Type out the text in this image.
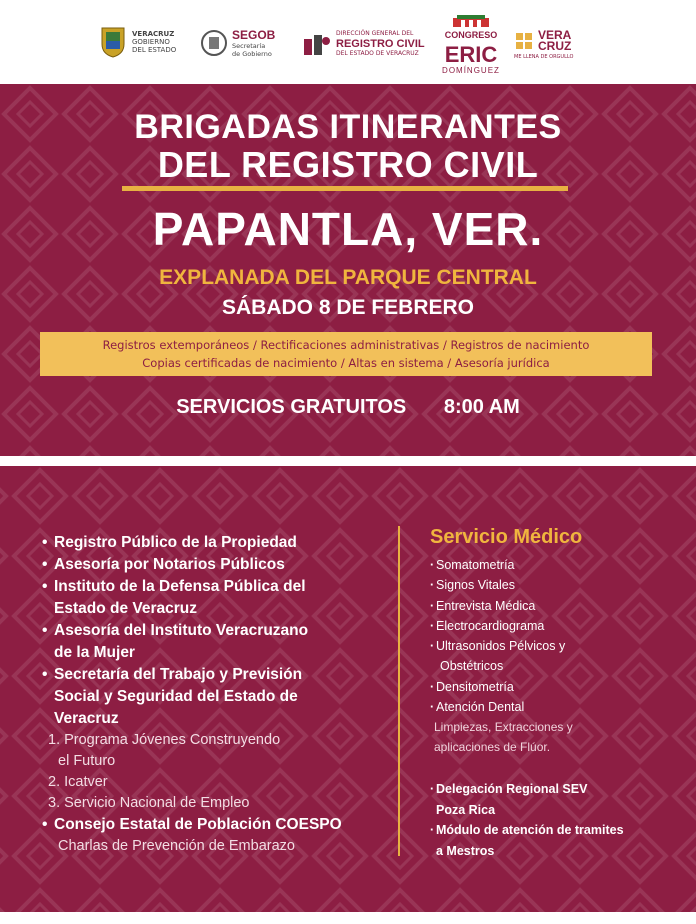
VERACRUZ
GOBIERNO
DEL ESTADO
SEGOB
Secretaría
de Gobierno
DIRECCIÓN GENERAL DEL
REGISTRO CIVIL
DEL ESTADO DE VERACRUZ
CONGRESO
ERIC
DOMÍNGUEZ
VERA
CRUZ
ME LLENA DE ORGULLO
BRIGADAS ITINERANTES
DEL REGISTRO CIVIL
PAPANTLA, VER.
EXPLANADA DEL PARQUE CENTRAL
SÁBADO 8 DE FEBRERO
Registros extemporáneos / Rectificaciones administrativas / Registros de nacimiento
Copias certificadas de nacimiento / Altas en sistema / Asesoría jurídica
SERVICIOS GRATUITOS 8:00 AM
• Registro Público de la Propiedad
• Asesoría por Notarios Públicos
• Instituto de la Defensa Pública del
Estado de Veracruz
• Asesoría del Instituto Veracruzano
de la Mujer
• Secretaría del Trabajo y Previsión
Social y Seguridad del Estado de
Veracruz
1. Programa Jóvenes Construyendo
el Futuro
2. Icatver
3. Servicio Nacional de Empleo
• Consejo Estatal de Población COESPO
Charlas de Prevención de Embarazo
Servicio Médico
· Somatometría
· Signos Vitales
· Entrevista Médica
· Electrocardiograma
· Ultrasonidos Pélvicos y
Obstétricos
· Densitometría
· Atención Dental
Limpiezas, Extracciones y
aplicaciones de Flúor.
· Delegación Regional SEV
Poza Rica
· Módulo de atención de tramites
a Mestros
